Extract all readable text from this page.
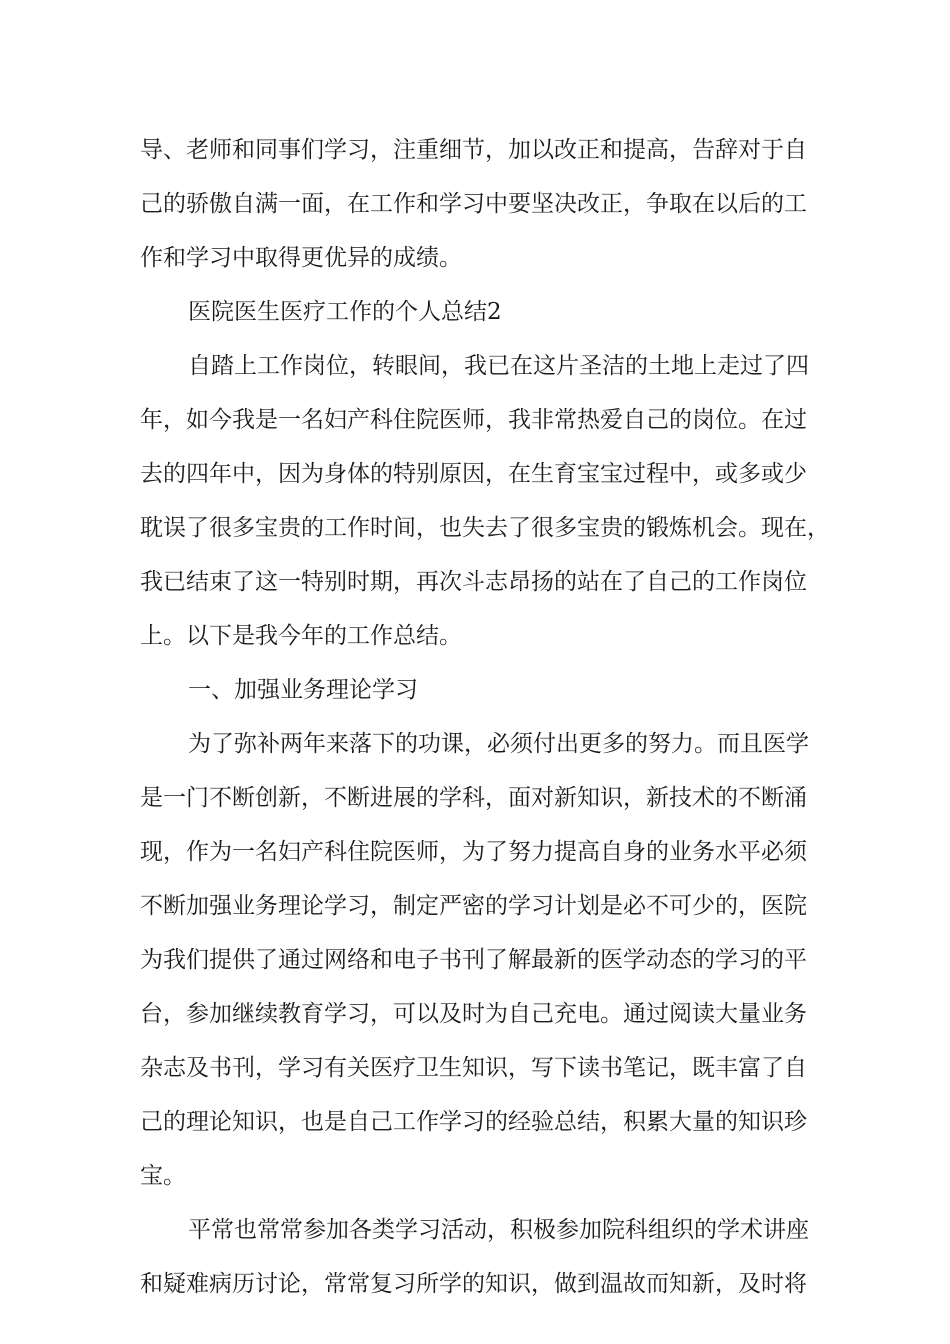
导、老师和同事们学习，注重细节，加以改正和提高，告辞对于自
己的骄傲自满一面，在工作和学习中要坚决改正，争取在以后的工
作和学习中取得更优异的成绩。
医院医生医疗工作的个人总结2
自踏上工作岗位，转眼间，我已在这片圣洁的土地上走过了四
年，如今我是一名妇产科住院医师，我非常热爱自己的岗位。在过
去的四年中，因为身体的特别原因，在生育宝宝过程中，或多或少
耽误了很多宝贵的工作时间，也失去了很多宝贵的锻炼机会。现在，
我已结束了这一特别时期，再次斗志昂扬的站在了自己的工作岗位
上。以下是我今年的工作总结。
一、加强业务理论学习
为了弥补两年来落下的功课，必须付出更多的努力。而且医学
是一门不断创新，不断进展的学科，面对新知识，新技术的不断涌
现，作为一名妇产科住院医师，为了努力提高自身的业务水平必须
不断加强业务理论学习，制定严密的学习计划是必不可少的，医院
为我们提供了通过网络和电子书刊了解最新的医学动态的学习的平
台，参加继续教育学习，可以及时为自己充电。通过阅读大量业务
杂志及书刊，学习有关医疗卫生知识，写下读书笔记，既丰富了自
己的理论知识，也是自己工作学习的经验总结，积累大量的知识珍
宝。
平常也常常参加各类学习活动，积极参加院科组织的学术讲座
和疑难病历讨论，常常复习所学的知识，做到温故而知新，及时将
